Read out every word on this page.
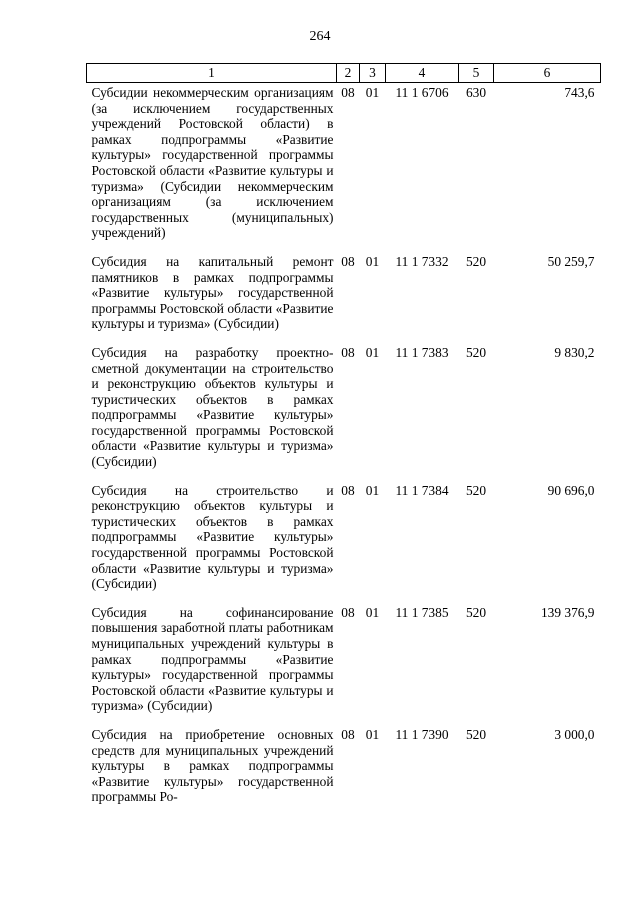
264
1	2	3	4	5	6
Субсидии некоммерческим организациям (за исключением государственных учреждений Ростовской области) в рамках подпрограммы «Развитие культуры» государственной программы Ростовской области «Развитие культуры и туризма» (Субсидии некоммерческим организациям (за исключением государственных (муниципальных) учреждений)	08	01	11 1 6706	630	743,6
Субсидия на капитальный ремонт памятников в рамках подпрограммы «Развитие культуры» государственной программы Ростовской области «Развитие культуры и туризма» (Субсидии)	08	01	11 1 7332	520	50 259,7
Субсидия на разработку проектно-сметной документации на строительство и реконструкцию объектов культуры и туристических объектов в рамках подпрограммы «Развитие культуры» государственной программы Ростовской области «Развитие культуры и туризма» (Субсидии)	08	01	11 1 7383	520	9 830,2
Субсидия на строительство и реконструкцию объектов культуры и туристических объектов в рамках подпрограммы «Развитие культуры» государственной программы Ростовской области «Развитие культуры и туризма» (Субсидии)	08	01	11 1 7384	520	90 696,0
Субсидия на софинансирование повышения заработной платы работникам муниципальных учреждений культуры в рамках подпрограммы «Развитие культуры» государственной программы Ростовской области «Развитие культуры и туризма» (Субсидии)	08	01	11 1 7385	520	139 376,9
Субсидия на приобретение основных средств для муниципальных учреждений культуры в рамках подпрограммы «Развитие культуры» государственной программы Ро-	08	01	11 1 7390	520	3 000,0
